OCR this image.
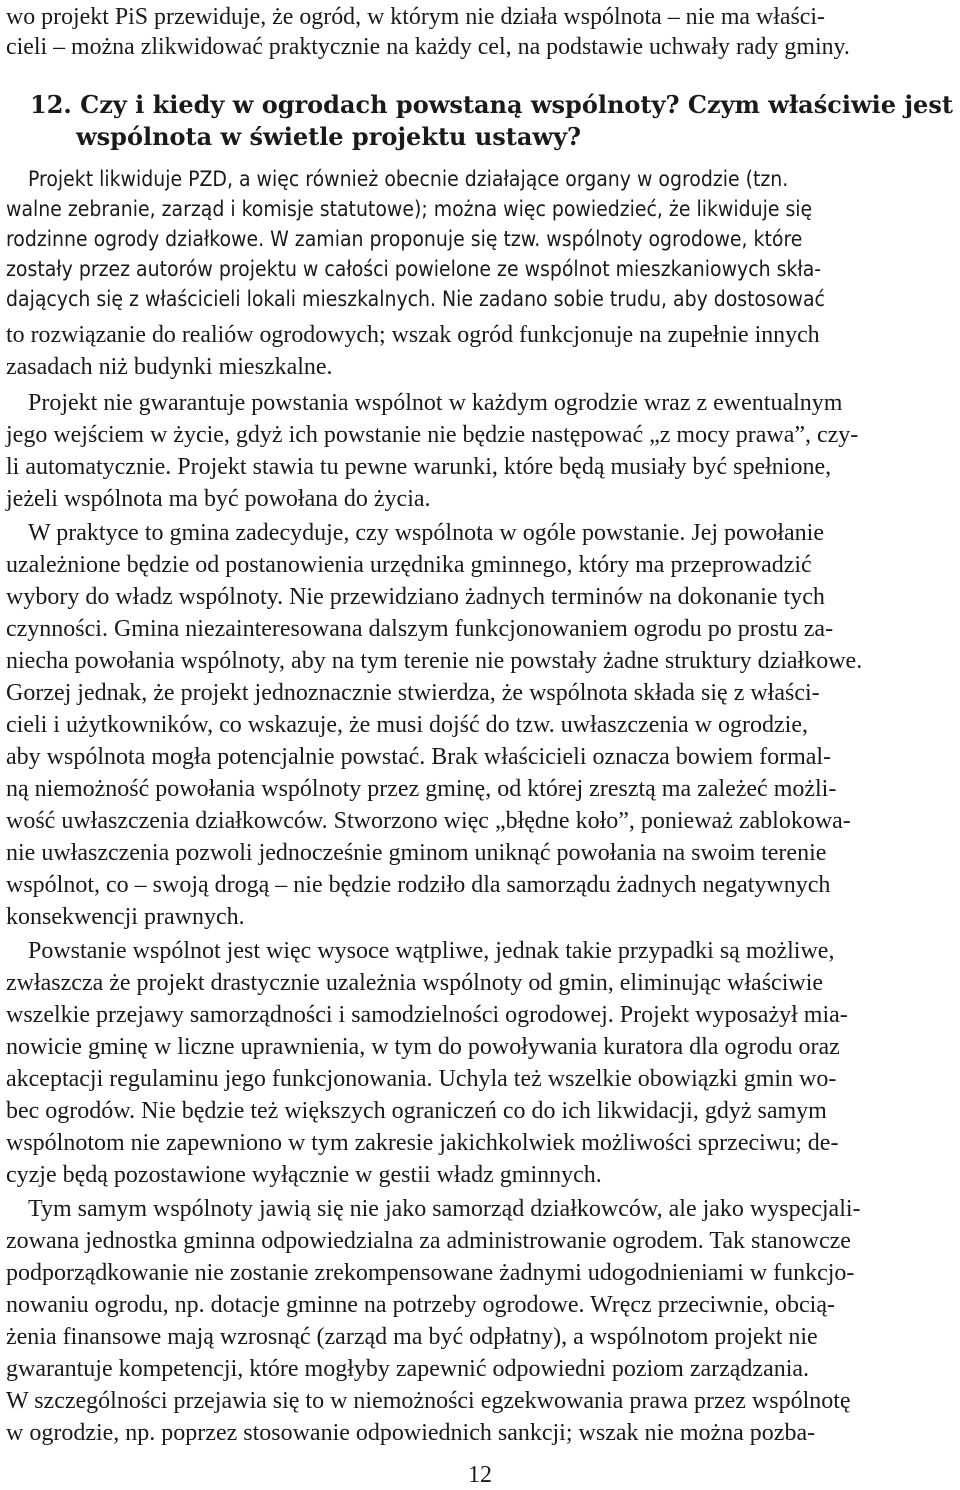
wo projekt PiS przewiduje, że ogród, w którym nie działa wspólnota – nie ma właści-
cieli – można zlikwidować praktycznie na każdy cel, na podstawie uchwały rady gminy.
12. Czy i kiedy w ogrodach powstaną wspólnoty? Czym właściwie jest
wspólnota w świetle projektu ustawy?
Projekt likwiduje PZD, a więc również obecnie działające organy w ogrodzie (tzn.
walne zebranie, zarząd i komisje statutowe); można więc powiedzieć, że likwiduje się
rodzinne ogrody działkowe. W zamian proponuje się tzw. wspólnoty ogrodowe, które
zostały przez autorów projektu w całości powielone ze wspólnot mieszkaniowych skła-
dających się z właścicieli lokali mieszkalnych. Nie zadano sobie trudu, aby dostosować
to rozwiązanie do realiów ogrodowych; wszak ogród funkcjonuje na zupełnie innych
zasadach niż budynki mieszkalne.
Projekt nie gwarantuje powstania wspólnot w każdym ogrodzie wraz z ewentualnym
jego wejściem w życie, gdyż ich powstanie nie będzie następować „z mocy prawa”, czy-
li automatycznie. Projekt stawia tu pewne warunki, które będą musiały być spełnione,
jeżeli wspólnota ma być powołana do życia.
W praktyce to gmina zadecyduje, czy wspólnota w ogóle powstanie. Jej powołanie
uzależnione będzie od postanowienia urzędnika gminnego, który ma przeprowadzić
wybory do władz wspólnoty. Nie przewidziano żadnych terminów na dokonanie tych
czynności. Gmina niezainteresowana dalszym funkcjonowaniem ogrodu po prostu za-
niecha powołania wspólnoty, aby na tym terenie nie powstały żadne struktury działkowe.
Gorzej jednak, że projekt jednoznacznie stwierdza, że wspólnota składa się z właści-
cieli i użytkowników, co wskazuje, że musi dojść do tzw. uwłaszczenia w ogrodzie,
aby wspólnota mogła potencjalnie powstać. Brak właścicieli oznacza bowiem formal-
ną niemożność powołania wspólnoty przez gminę, od której zresztą ma zależeć możli-
wość uwłaszczenia działkowców. Stworzono więc „błędne koło”, ponieważ zablokowa-
nie uwłaszczenia pozwoli jednocześnie gminom uniknąć powołania na swoim terenie
wspólnot, co – swoją drogą – nie będzie rodziło dla samorządu żadnych negatywnych
konsekwencji prawnych.
Powstanie wspólnot jest więc wysoce wątpliwe, jednak takie przypadki są możliwe,
zwłaszcza że projekt drastycznie uzależnia wspólnoty od gmin, eliminując właściwie
wszelkie przejawy samorządności i samodzielności ogrodowej. Projekt wyposażył mia-
nowicie gminę w liczne uprawnienia, w tym do powoływania kuratora dla ogrodu oraz
akceptacji regulaminu jego funkcjonowania. Uchyla też wszelkie obowiązki gmin wo-
bec ogrodów. Nie będzie też większych ograniczeń co do ich likwidacji, gdyż samym
wspólnotom nie zapewniono w tym zakresie jakichkolwiek możliwości sprzeciwu; de-
cyzje będą pozostawione wyłącznie w gestii władz gminnych.
Tym samym wspólnoty jawią się nie jako samorząd działkowców, ale jako wyspecjali-
zowana jednostka gminna odpowiedzialna za administrowanie ogrodem. Tak stanowcze
podporządkowanie nie zostanie zrekompensowane żadnymi udogodnieniami w funkcjo-
nowaniu ogrodu, np. dotacje gminne na potrzeby ogrodowe. Wręcz przeciwnie, obcią-
żenia finansowe mają wzrosnąć (zarząd ma być odpłatny), a wspólnotom projekt nie
gwarantuje kompetencji, które mogłyby zapewnić odpowiedni poziom zarządzania.
W szczególności przejawia się to w niemożności egzekwowania prawa przez wspólnotę
w ogrodzie, np. poprzez stosowanie odpowiednich sankcji; wszak nie można pozba-
12
